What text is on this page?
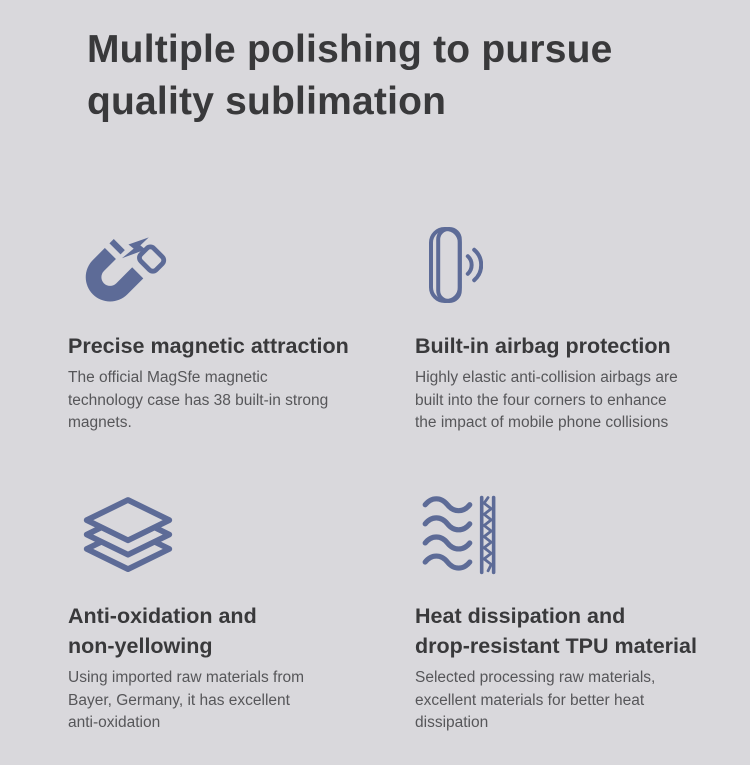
Multiple polishing to pursue
quality sublimation
Precise magnetic attraction
The official MagSfe magnetic
technology case has 38 built-in strong
magnets.
Built-in airbag protection
Highly elastic anti-collision airbags are
built into the four corners to enhance
the impact of mobile phone collisions
Anti-oxidation and
non-yellowing
Using imported raw materials from
Bayer, Germany, it has excellent
anti-oxidation
Heat dissipation and
drop-resistant TPU material
Selected processing raw materials,
excellent materials for better heat
dissipation
